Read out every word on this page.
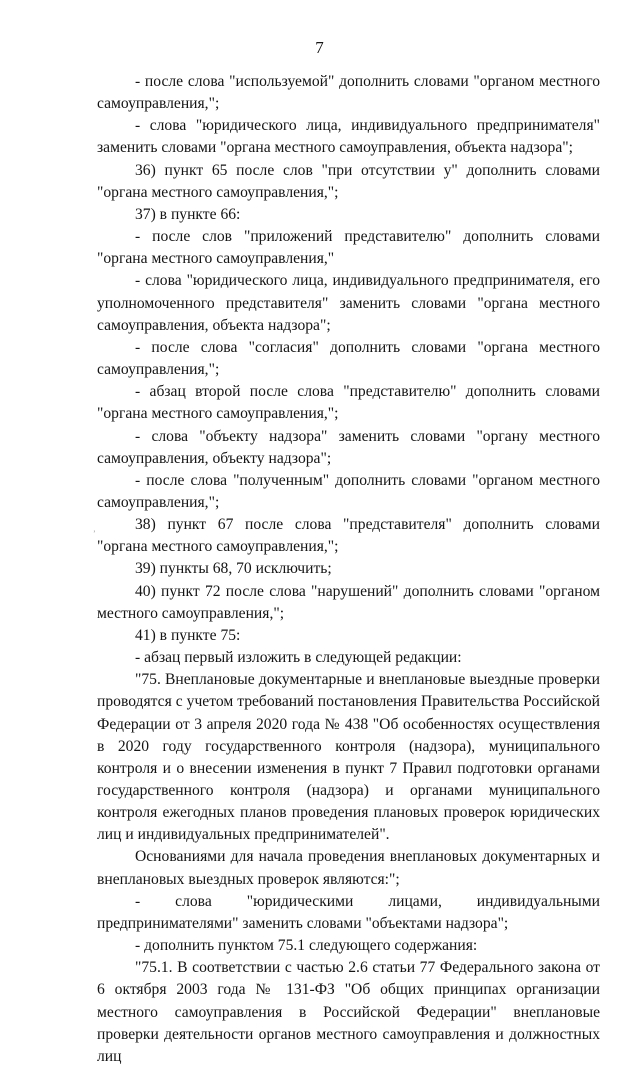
7
ʼ

- после слова "используемой" дополнить словами "органом местного самоуправления,";

- слова "юридического лица, индивидуального предпринимателя" заменить словами "органа местного самоуправления, объекта надзора";

36) пункт 65 после слов "при отсутствии у" дополнить словами "органа местного самоуправления,";

37) в пункте 66:

- после слов "приложений представителю" дополнить словами "органа местного самоуправления,"

- слова "юридического лица, индивидуального предпринимателя, его уполномоченного представителя" заменить словами "органа местного самоуправления, объекта надзора";

- после слова "согласия" дополнить словами "органа местного самоуправления,";

- абзац второй после слова "представителю" дополнить словами "органа местного самоуправления,";

- слова "объекту надзора" заменить словами "органу местного самоуправления, объекту надзора";

- после слова "полученным" дополнить словами "органом местного самоуправления,";

38) пункт 67 после слова "представителя" дополнить словами "органа местного самоуправления,";

39) пункты 68, 70 исключить;

40) пункт 72 после слова "нарушений" дополнить словами "органом местного самоуправления,";

41) в пункте 75:

- абзац первый изложить в следующей редакции:

"75. Внеплановые документарные и внеплановые выездные проверки проводятся с учетом требований постановления Правительства Российской Федерации от 3 апреля 2020 года № 438 "Об особенностях осуществления в 2020 году государственного контроля (надзора), муниципального контроля и о внесении изменения в пункт 7 Правил подготовки органами государственного контроля (надзора) и органами муниципального контроля ежегодных планов проведения плановых проверок юридических лиц и индивидуальных предпринимателей".

Основаниями для начала проведения внеплановых документарных и внеплановых выездных проверок являются:";

- слова "юридическими лицами, индивидуальными предпринимателями" заменить словами "объектами надзора";

- дополнить пунктом 75.1 следующего содержания:

"75.1. В соответствии с частью 2.6 статьи 77 Федерального закона от 6 октября 2003 года № 131-ФЗ "Об общих принципах организации местного самоуправления в Российской Федерации" внеплановые проверки деятельности органов местного самоуправления и должностных лиц
